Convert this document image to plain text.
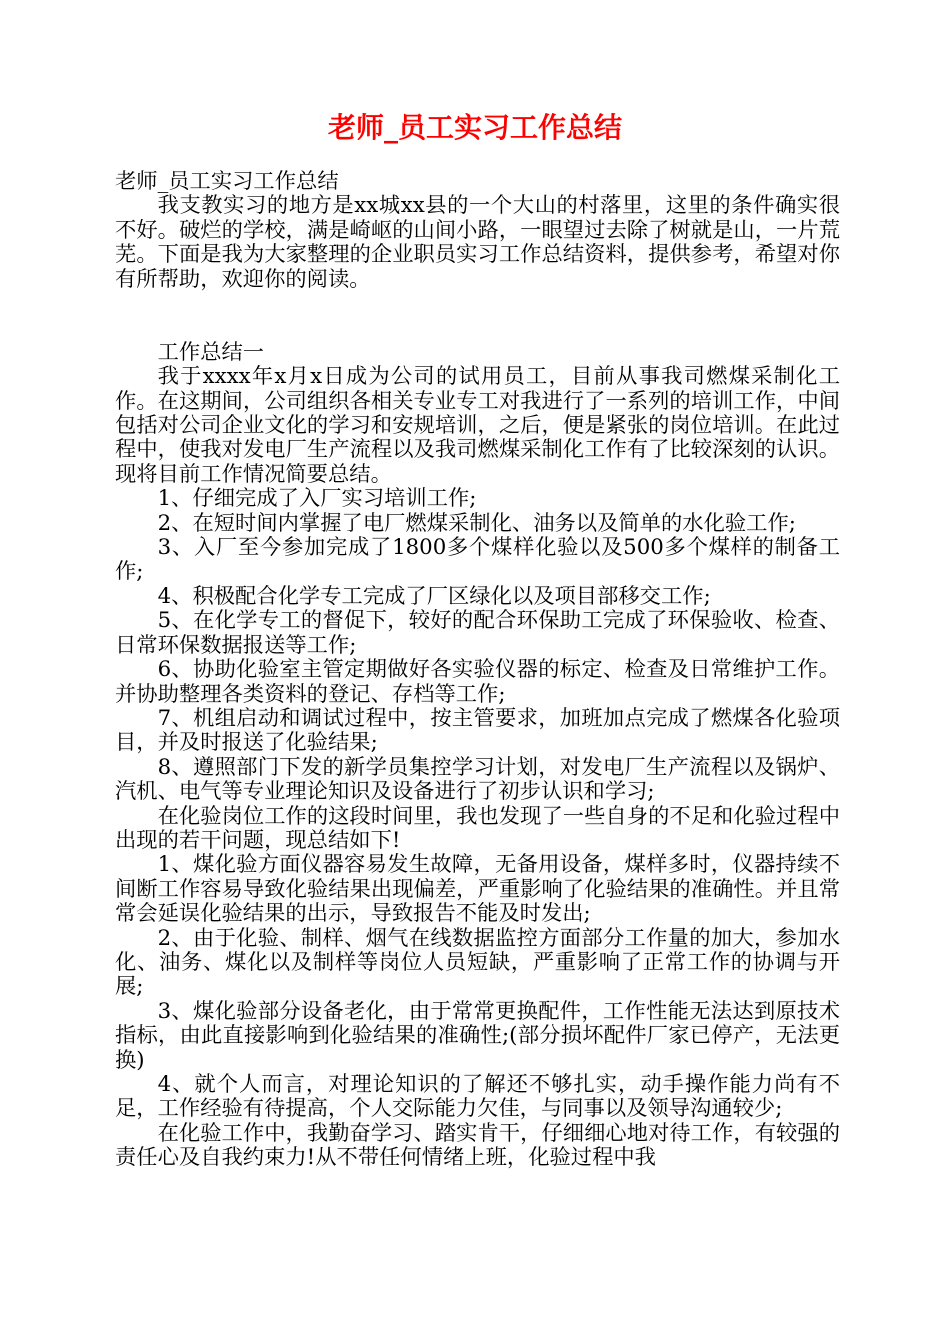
老师_员工实习工作总结

老师_员工实习工作总结

我支教实习的地方是xx城xx县的一个大山的村落里，这里的条件确实很不好。破烂的学校，满是崎岖的山间小路，一眼望过去除了树就是山，一片荒芜。下面是我为大家整理的企业职员实习工作总结资料，提供参考，希望对你有所帮助，欢迎你的阅读。

工作总结一

我于xxxx年x月x日成为公司的试用员工，目前从事我司燃煤采制化工作。在这期间，公司组织各相关专业专工对我进行了一系列的培训工作，中间包括对公司企业文化的学习和安规培训，之后，便是紧张的岗位培训。在此过程中，使我对发电厂生产流程以及我司燃煤采制化工作有了比较深刻的认识。现将目前工作情况简要总结。

1、仔细完成了入厂实习培训工作;

2、在短时间内掌握了电厂燃煤采制化、油务以及简单的水化验工作;

3、入厂至今参加完成了1800多个煤样化验以及500多个煤样的制备工作;

4、积极配合化学专工完成了厂区绿化以及项目部移交工作;

5、在化学专工的督促下，较好的配合环保助工完成了环保验收、检查、日常环保数据报送等工作;

6、协助化验室主管定期做好各实验仪器的标定、检查及日常维护工作。并协助整理各类资料的登记、存档等工作;

7、机组启动和调试过程中，按主管要求，加班加点完成了燃煤各化验项目，并及时报送了化验结果;

8、遵照部门下发的新学员集控学习计划，对发电厂生产流程以及锅炉、汽机、电气等专业理论知识及设备进行了初步认识和学习;

在化验岗位工作的这段时间里，我也发现了一些自身的不足和化验过程中出现的若干问题，现总结如下!

1、煤化验方面仪器容易发生故障，无备用设备，煤样多时，仪器持续不间断工作容易导致化验结果出现偏差，严重影响了化验结果的准确性。并且常常会延误化验结果的出示，导致报告不能及时发出;

2、由于化验、制样、烟气在线数据监控方面部分工作量的加大，参加水化、油务、煤化以及制样等岗位人员短缺，严重影响了正常工作的协调与开展;

3、煤化验部分设备老化，由于常常更换配件，工作性能无法达到原技术指标，由此直接影响到化验结果的准确性;(部分损坏配件厂家已停产，无法更换)

4、就个人而言，对理论知识的了解还不够扎实，动手操作能力尚有不足，工作经验有待提高，个人交际能力欠佳，与同事以及领导沟通较少;

在化验工作中，我勤奋学习、踏实肯干，仔细细心地对待工作，有较强的责任心及自我约束力!从不带任何情绪上班，化验过程中我
